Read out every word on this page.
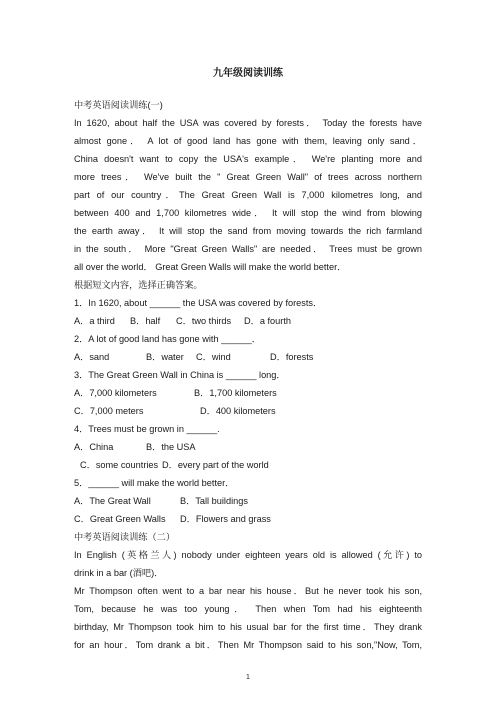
九年级阅读训练
中考英语阅读训练(一)
In 1620, about half the USA was covered by forests． Today the forests have
almost gone． A lot of good land has gone with them, leaving only sand．
China doesn't want to copy the USA's example． We're planting more and
more trees． We've built the " Great Green Wall" of trees across northern
part of our country．The Great Green Wall is 7,000 kilometres long, and
between 400 and 1,700 kilometres wide． It will stop the wind from blowing
the earth away． It will stop the sand from moving towards the rich farmland
in the south． More "Great Green Walls" are needed． Trees must be grown
all over the world． Great Green Walls will make the world better．
根据短文内容，选择正确答案。
1．In 1620, about ______ the USA was covered by forests．
A．a third	B．half	C．two thirds	D．a fourth
2．A lot of good land has gone with ______．
A．sand	B．water	C．wind	D．forests
3．The Great Green Wall in China is ______ long．
A．7,000 kilometers	B．1,700 kilometers
C．7,000 meters	D．400 kilometers
4．Trees must be grown in ______.
A．China	B．the USA
C．some countries D．every part of the world
5．______ will make the world better．
A．The Great Wall	B．Tall buildings
C．Great Green Walls	D．Flowers and grass
中考英语阅读训练（二）
In English (英格兰人) nobody under eighteen years old is allowed (允许) to
drink in a bar (酒吧)．
Mr Thompson often went to a bar near his house．But he never took his son,
Tom, because he was too young． Then when Tom had his eighteenth
birthday, Mr Thompson took him to his usual bar for the first time．They drank
for an hour．Tom drank a bit．Then Mr Thompson said to his son,"Now, Tom,
1
